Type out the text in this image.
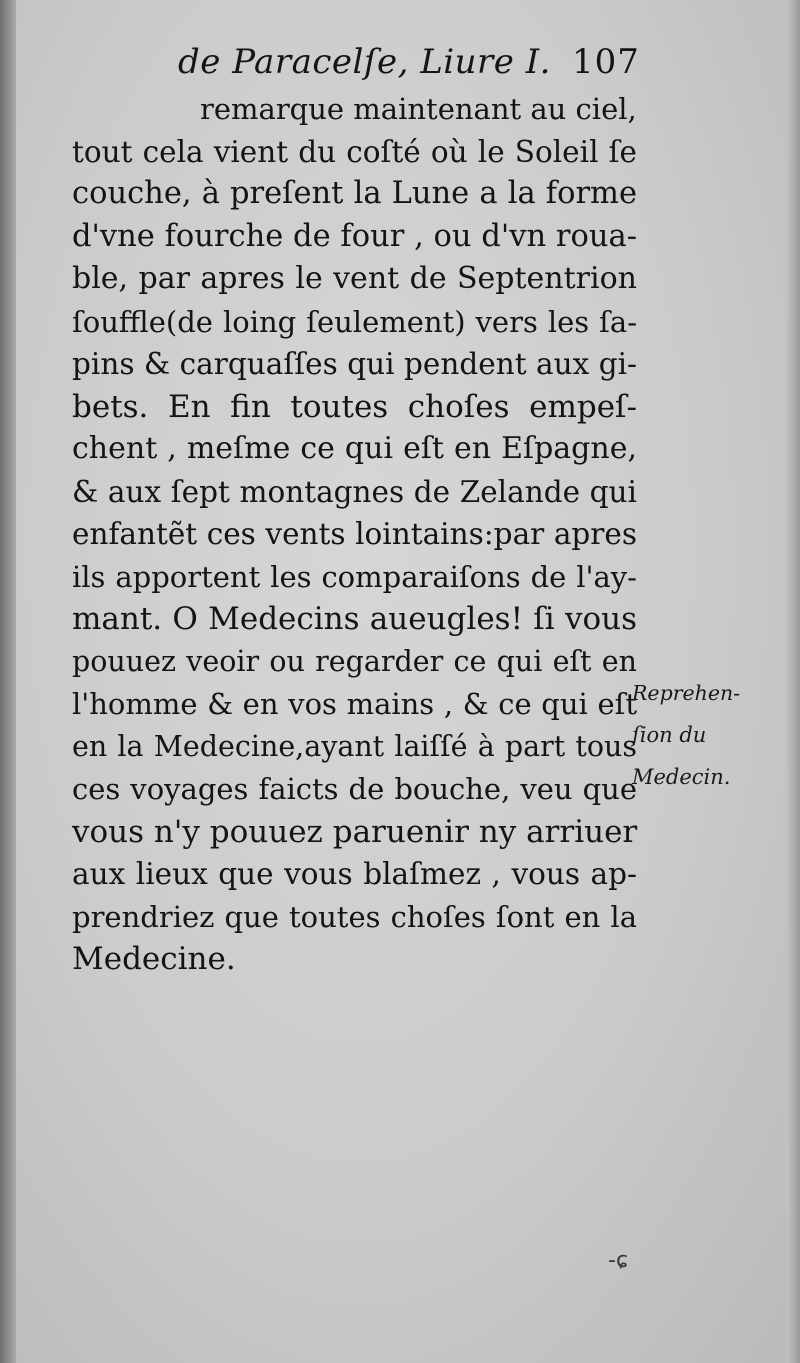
de Paracelſe, Liure I. 107
remarque maintenant au ciel,
tout cela vient du coſté où le Soleil ſe
couche, à preſent la Lune a la forme
d'vne fourche de four , ou d'vn roua-
ble, par apres le vent de Septentrion
ſouffle(de loing ſeulement) vers les ſa-
pins & carquaſſes qui pendent aux gi-
bets. En fin toutes choſes empeſ-
chent , meſme ce qui eſt en Eſpagne,
& aux ſept montagnes de Zelande qui
enfantẽt ces vents lointains:par apres
ils apportent les comparaiſons de l'ay-
mant. O Medecins aueugles! ſi vous
pouuez veoir ou regarder ce qui eſt en
l'homme & en vos mains , & ce qui eſt
en la Medecine,ayant laiſſé à part tous
ces voyages faicts de bouche, veu que
vous n'y pouuez paruenir ny arriuer
aux lieux que vous blaſmez , vous ap-
prendriez que toutes choſes ſont en la
Medecine.
Reprehen-
ſion du
Medecin.
-ɕ
